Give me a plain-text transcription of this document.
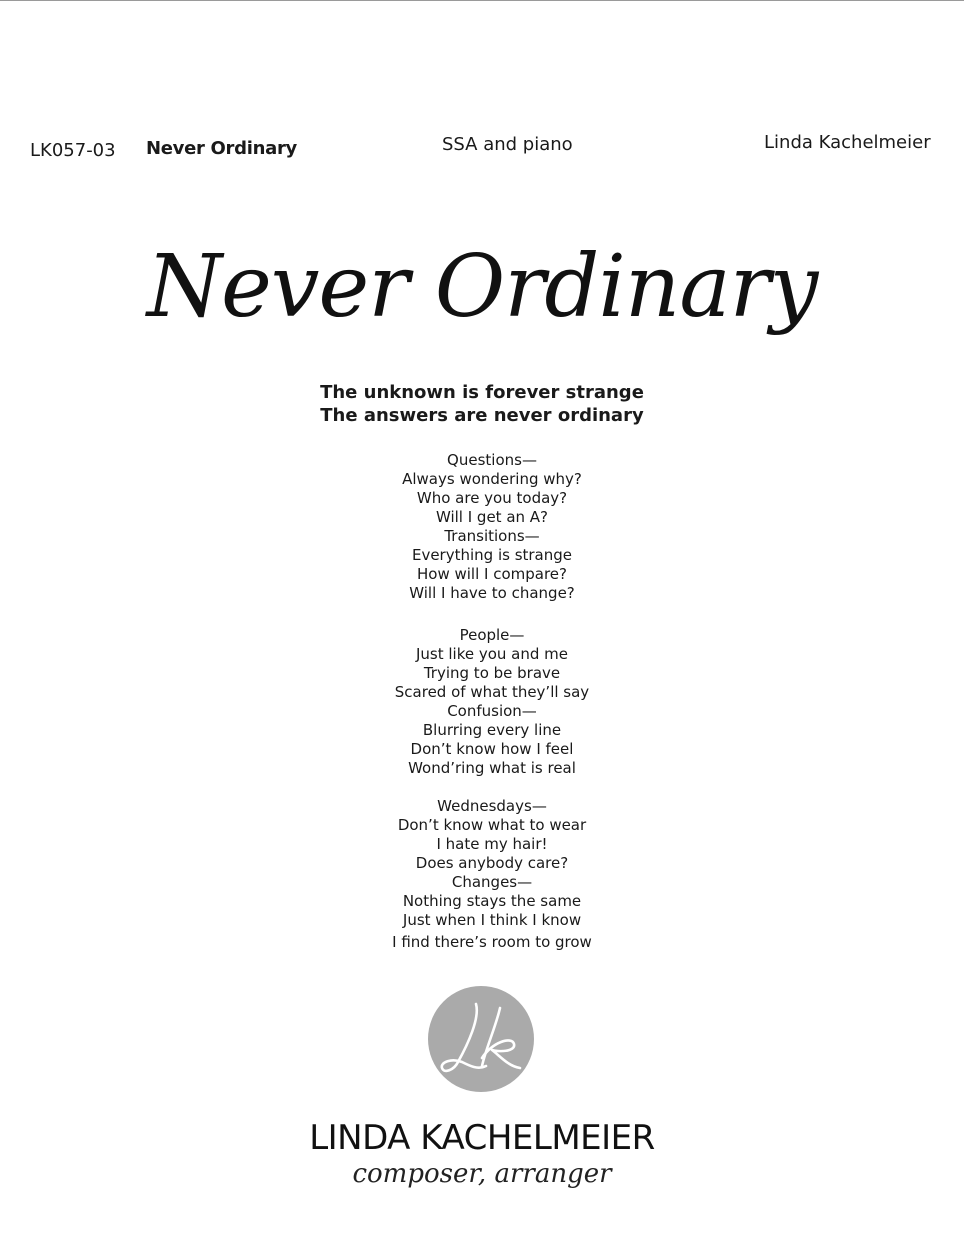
LK057-03 Never Ordinary	SSA and piano	Linda Kachelmeier
Never Ordinary
The unknown is forever strange
The answers are never ordinary
Questions—
Always wondering why?
Who are you today?
Will I get an A?
Transitions—
Everything is strange
How will I compare?
Will I have to change?
People—
Just like you and me
Trying to be brave
Scared of what they’ll say
Confusion—
Blurring every line
Don’t know how I feel
Wond’ring what is real
Wednesdays—
Don’t know what to wear
I hate my hair!
Does anybody care?
Changes—
Nothing stays the same
Just when I think I know
I find there’s room to grow
LINDA KACHELMEIER
composer, arranger
